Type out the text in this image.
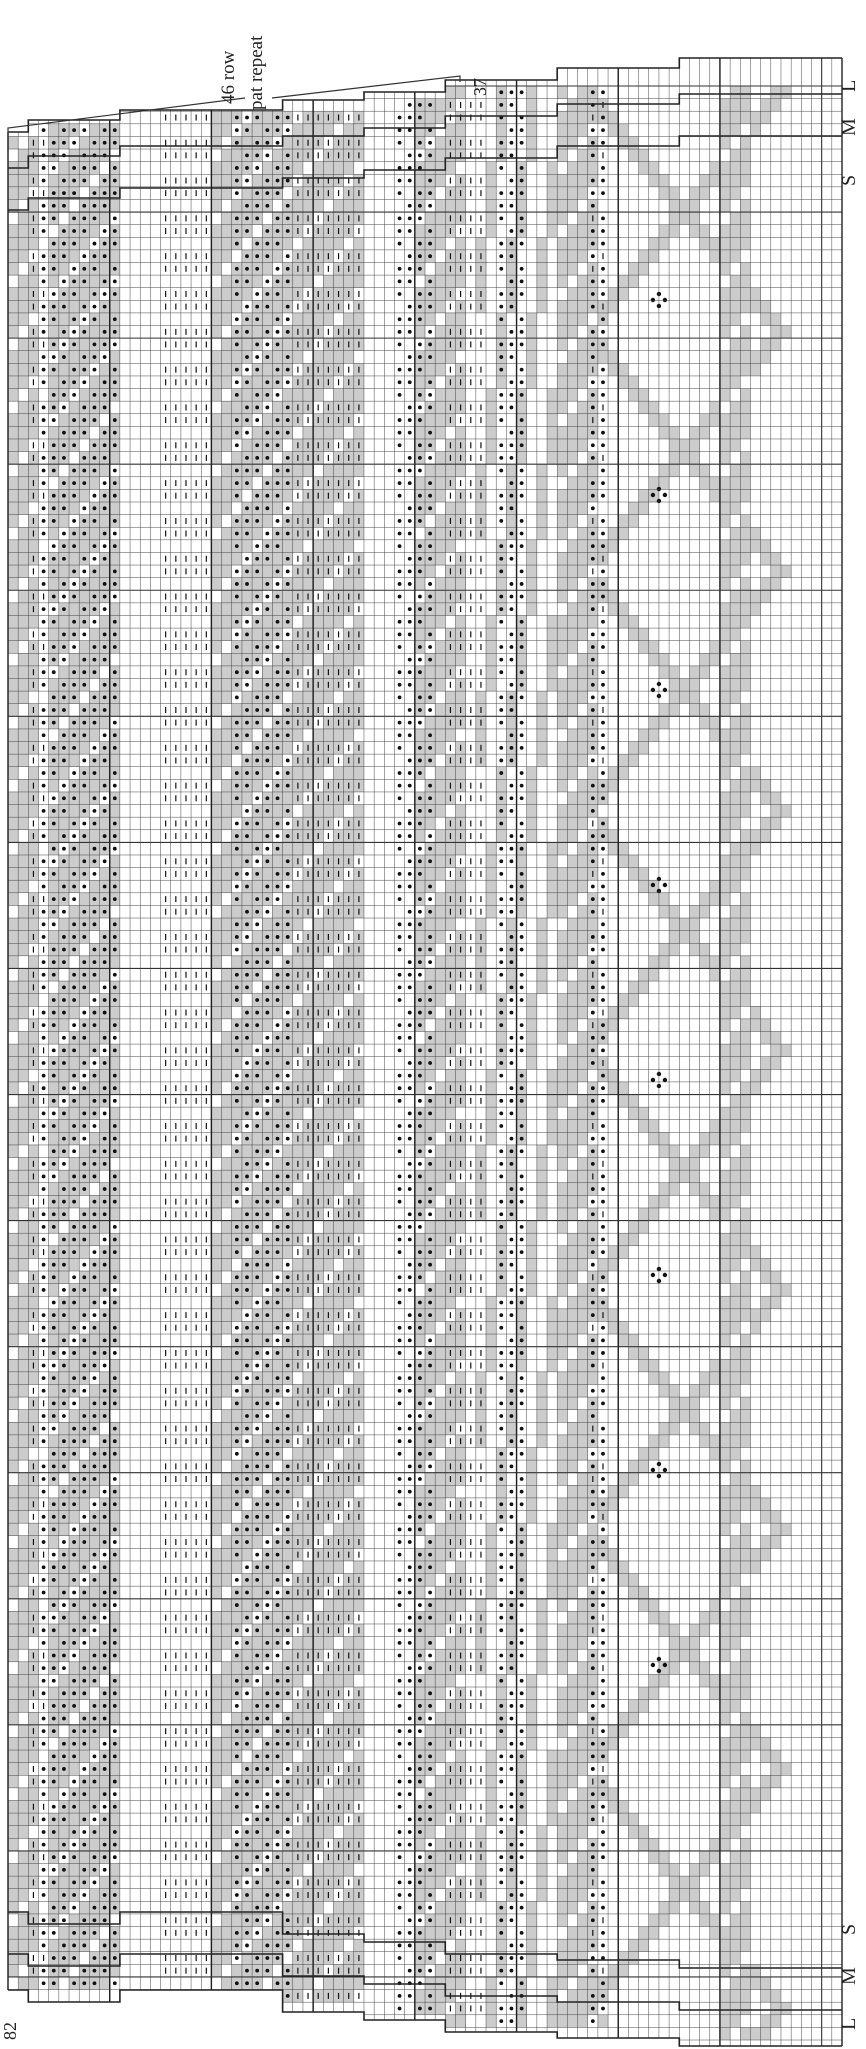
46 row pat repeat	37
82
S
M
L
L
M
S
